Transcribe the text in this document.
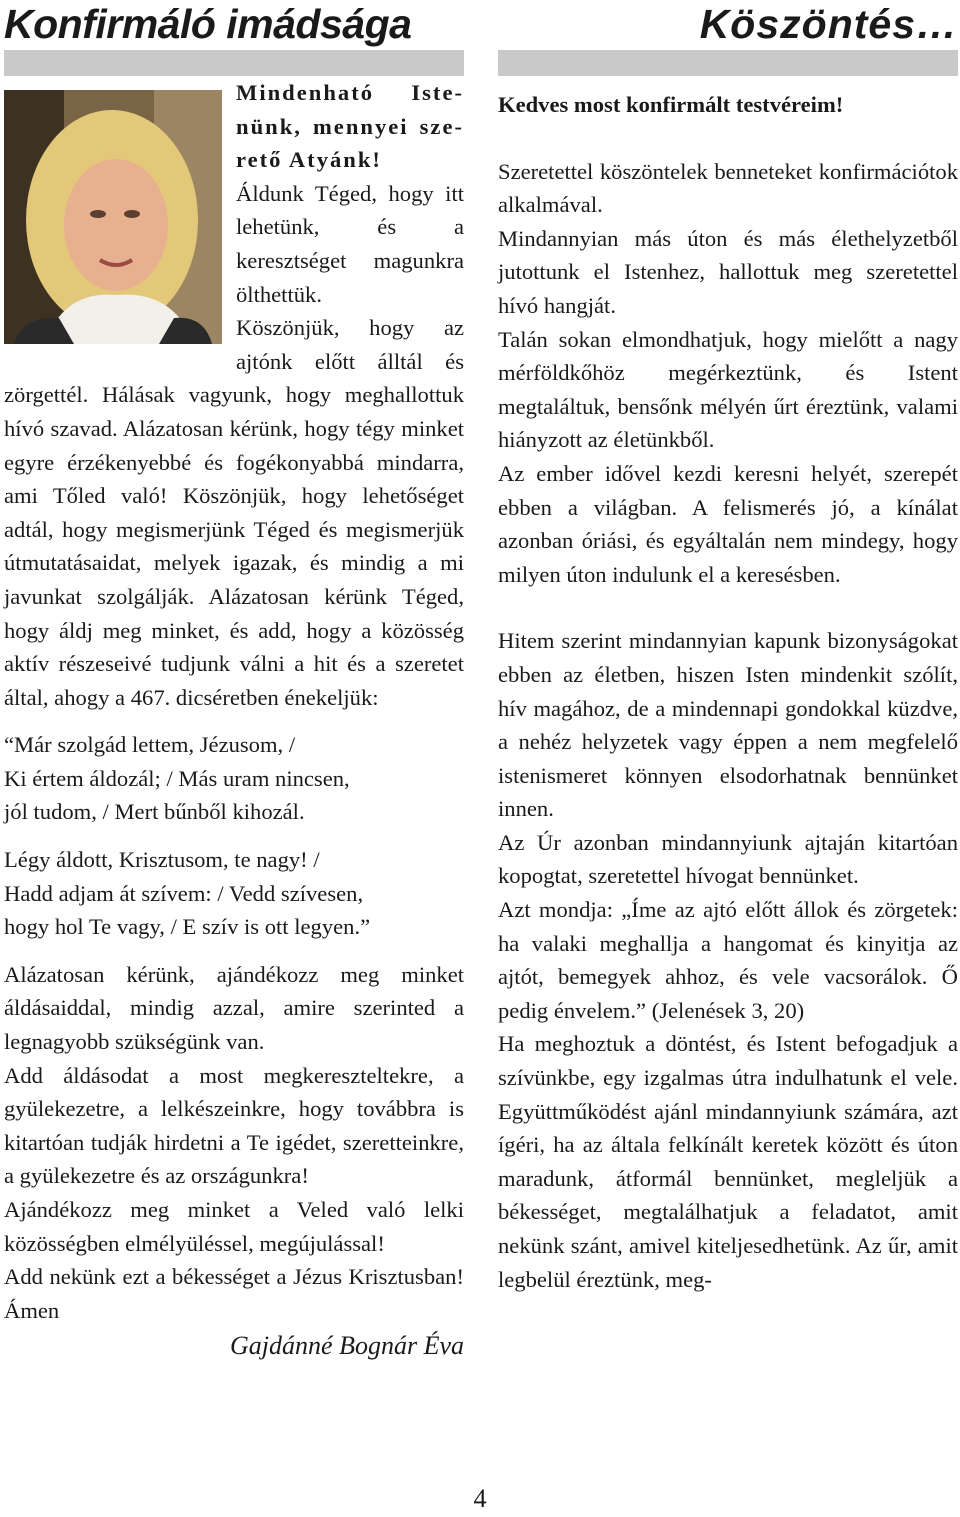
Konfirmáló imádsága

Mindenható Iste-

nünk, mennyei sze-

rető Atyánk!

Áldunk Téged, hogy itt lehetünk, és a keresztséget magunkra ölthettük.

Köszönjük, hogy az ajtónk előtt álltál és zörgettél. Hálásak vagyunk, hogy meghallottuk hívó szavad. Alázatosan kérünk, hogy tégy minket egyre érzékenyebbé és fogékonyabbá mindarra, ami Tőled való! Köszönjük, hogy lehetőséget adtál, hogy megismerjünk Téged és megismerjük útmutatásaidat, melyek igazak, és mindig a mi javunkat szolgálják. Alázatosan kérünk Téged, hogy áldj meg minket, és add, hogy a közösség aktív részeseivé tudjunk válni a hit és a szeretet által, ahogy a 467. dicséretben énekeljük:

“Már szolgád lettem, Jézusom, /

Ki értem áldozál; / Más uram nincsen,

jól tudom, / Mert bűnből kihozál.

Légy áldott, Krisztusom, te nagy! /

Hadd adjam át szívem: / Vedd szívesen,

hogy hol Te vagy, / E szív is ott legyen.”

Alázatosan kérünk, ajándékozz meg minket áldásaiddal, mindig azzal, amire szerinted a legnagyobb szükségünk van.

Add áldásodat a most megkereszteltekre, a gyülekezetre, a lelkészeinkre, hogy továbbra is kitartóan tudják hirdetni a Te igédet, szeretteinkre, a gyülekezetre és az országunkra!

Ajándékozz meg minket a Veled való lelki közösségben elmélyüléssel, megújulással!

Add nekünk ezt a békességet a Jézus Krisztusban! Ámen

Gajdánné Bognár Éva

Köszöntés…

Kedves most konfirmált testvéreim!

Szeretettel köszöntelek benneteket konfirmációtok alkalmával.

Mindannyian más úton és más élethelyzetből jutottunk el Istenhez, hallottuk meg szeretettel hívó hangját.

Talán sokan elmondhatjuk, hogy mielőtt a nagy mérföldkőhöz megérkeztünk, és Istent megtaláltuk, bensőnk mélyén űrt éreztünk, valami hiányzott az életünkből.

Az ember idővel kezdi keresni helyét, szerepét ebben a világban. A felismerés jó, a kínálat azonban óriási, és egyáltalán nem mindegy, hogy milyen úton indulunk el a keresésben.

Hitem szerint mindannyian kapunk bizonyságokat ebben az életben, hiszen Isten mindenkit szólít, hív magához, de a mindennapi gondokkal küzdve, a nehéz helyzetek vagy éppen a nem megfelelő istenismeret könnyen elsodorhatnak bennünket innen.

Az Úr azonban mindannyiunk ajtaján kitartóan kopogtat, szeretettel hívogat bennünket.

Azt mondja: „Íme az ajtó előtt állok és zörgetek: ha valaki meghallja a hangomat és kinyitja az ajtót, bemegyek ahhoz, és vele vacsorálok. Ő pedig énvelem.” (Jelenések 3, 20)

Ha meghoztuk a döntést, és Istent befogadjuk a szívünkbe, egy izgalmas útra indulhatunk el vele. Együttműködést ajánl mindannyiunk számára, azt ígéri, ha az általa felkínált keretek között és úton maradunk, átformál bennünket, megleljük a békességet, megtalálhatjuk a feladatot, amit nekünk szánt, amivel kiteljesedhetünk. Az űr, amit legbelül éreztünk, meg-

4
